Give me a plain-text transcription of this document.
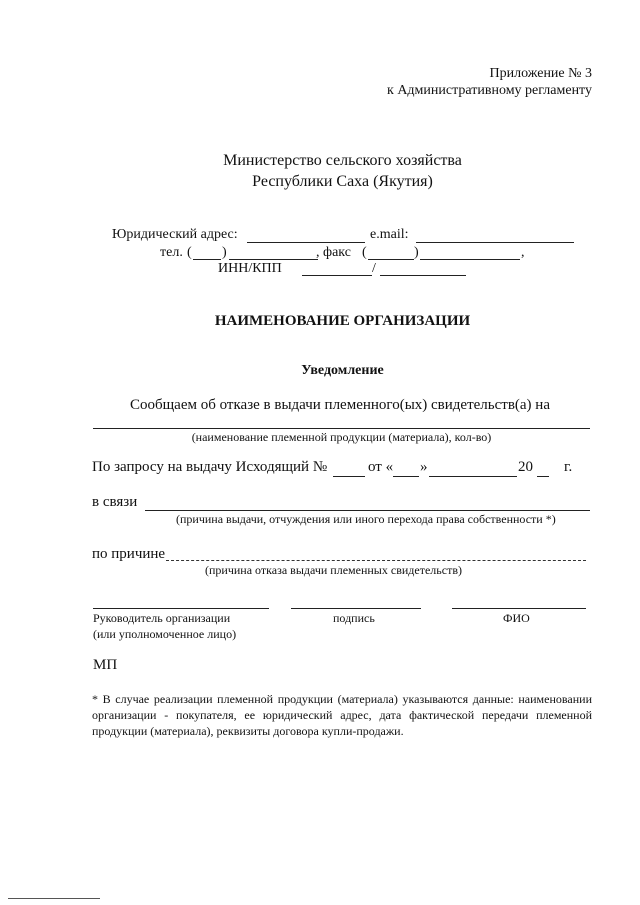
Приложение № 3
к Административному регламенту
Министерство сельского хозяйства
Республики Саха (Якутия)
Юридический адрес:	e.mail:
тел. ( )	, факс (	)	,
ИНН/КПП	/
НАИМЕНОВАНИЕ ОРГАНИЗАЦИИ
Уведомление
Сообщаем об отказе в выдачи племенного(ых) свидетельств(а) на
(наименование племенной продукции (материала), кол-во)
По запросу на выдачу Исходящий №	от « »	20 г.
в связи
(причина выдачи, отчуждения или иного перехода права собственности *)
по причине
(причина отказа выдачи племенных свидетельств)
Руководитель организации
(или уполномоченное лицо)
подпись	ФИО
МП
* В случае реализации племенной продукции (материала) указываются данные: наименовании организации - покупателя, ее юридический адрес, дата фактической передачи племенной продукции (материала), реквизиты договора купли-продажи.
